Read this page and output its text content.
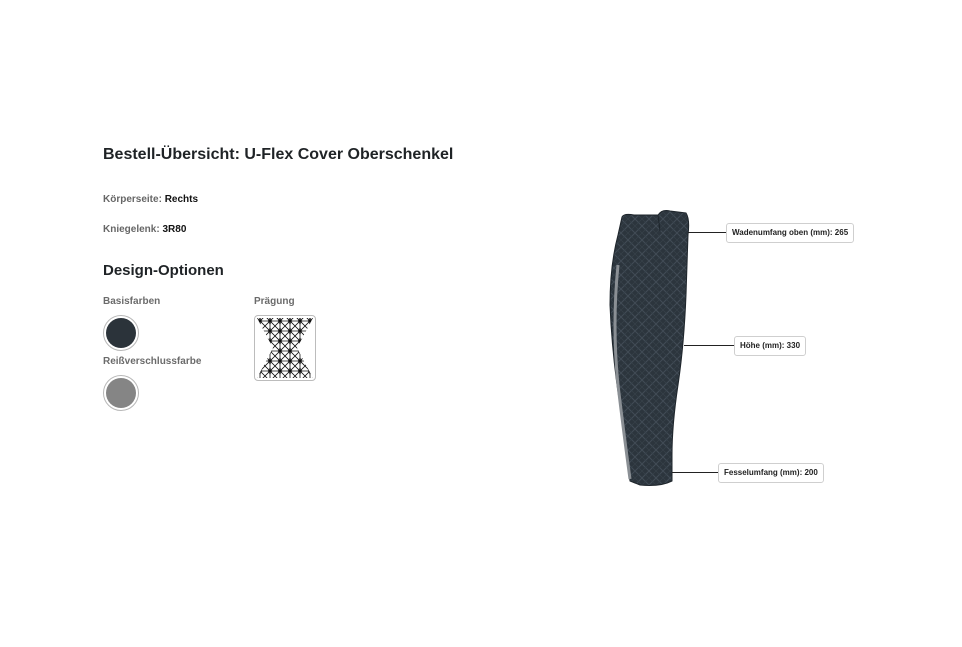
Bestell-Übersicht: U-Flex Cover Oberschenkel
Körperseite: Rechts
Kniegelenk: 3R80
Design-Optionen
Basisfarben
Reißverschlussfarbe
Prägung
Wadenumfang oben (mm): 265
Höhe (mm): 330
Fesselumfang (mm): 200
